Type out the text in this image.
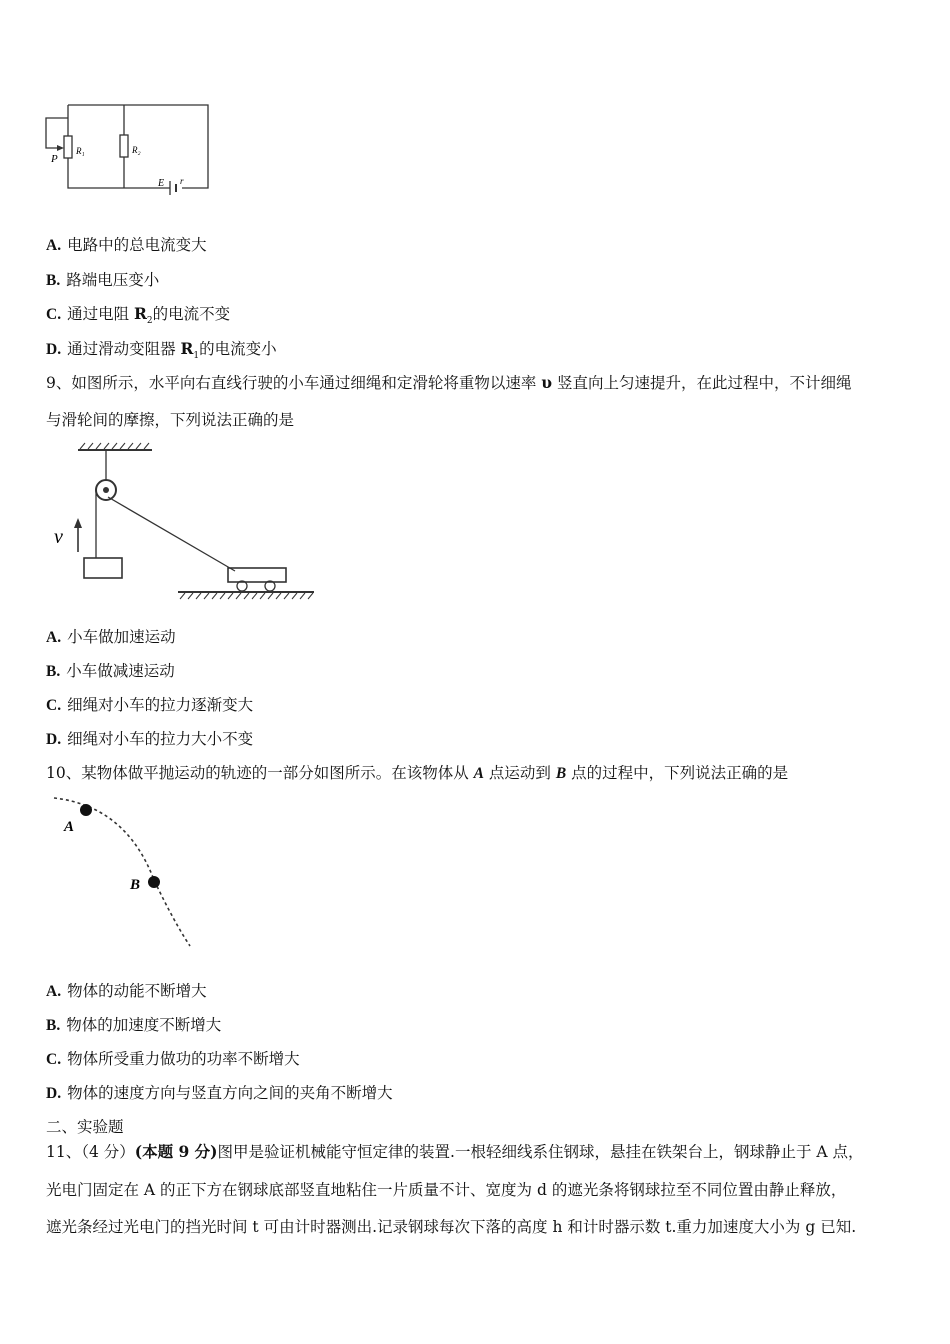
P
R₁	R₂
E r
A. 电路中的总电流变大
B. 路端电压变小
C. 通过电阻 $R_2$的电流不变
D. 通过滑动变阻器 $R_1$的电流变小
9、如图所示，水平向右直线行驶的小车通过细绳和定滑轮将重物以速率 υ 竖直向上匀速提升，在此过程中，不计细绳
与滑轮间的摩擦，下列说法正确的是
v
A. 小车做加速运动
B. 小车做减速运动
C. 细绳对小车的拉力逐渐变大
D. 细绳对小车的拉力大小不变
10、某物体做平抛运动的轨迹的一部分如图所示。在该物体从 A 点运动到 B 点的过程中，下列说法正确的是
A
B
A. 物体的动能不断增大
B. 物体的加速度不断增大
C. 物体所受重力做功的功率不断增大
D. 物体的速度方向与竖直方向之间的夹角不断增大
二、实验题
11、（4 分）(本题 9 分)图甲是验证机械能守恒定律的装置.一根轻细线系住钢球，悬挂在铁架台上，钢球静止于 A 点，
光电门固定在 A 的正下方在钢球底部竖直地粘住一片质量不计、宽度为 d 的遮光条将钢球拉至不同位置由静止释放，
遮光条经过光电门的挡光时间 t 可由计时器测出.记录钢球每次下落的高度 h 和计时器示数 t.重力加速度大小为 g 已知.
